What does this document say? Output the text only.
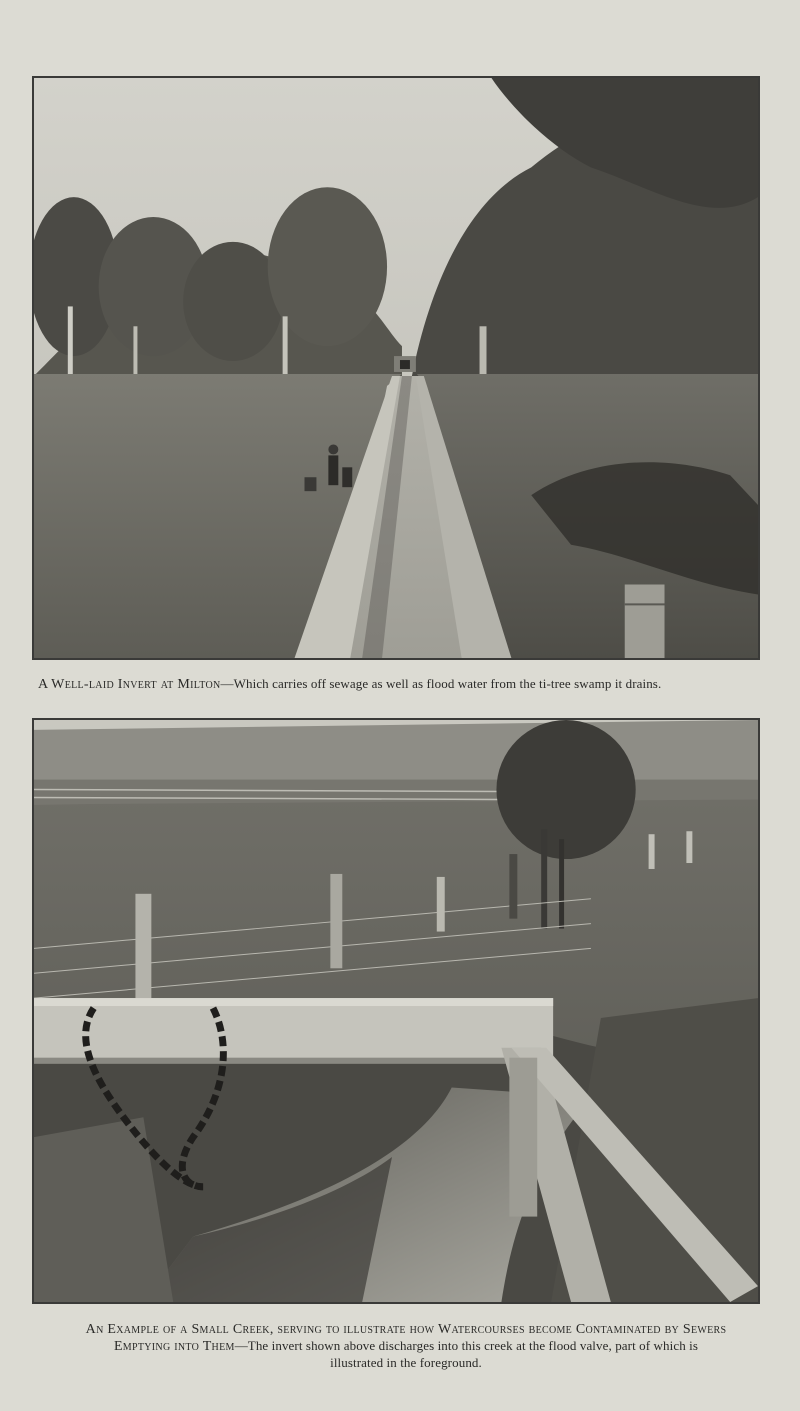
A Well-laid Invert at Milton—Which carries off sewage as well as flood water from the ti-tree swamp it drains.
An Example of a Small Creek, serving to illustrate how Watercourses become Contaminated by Sewers
Emptying into Them—The invert shown above discharges into this creek at the flood valve, part of which is
illustrated in the foreground.
